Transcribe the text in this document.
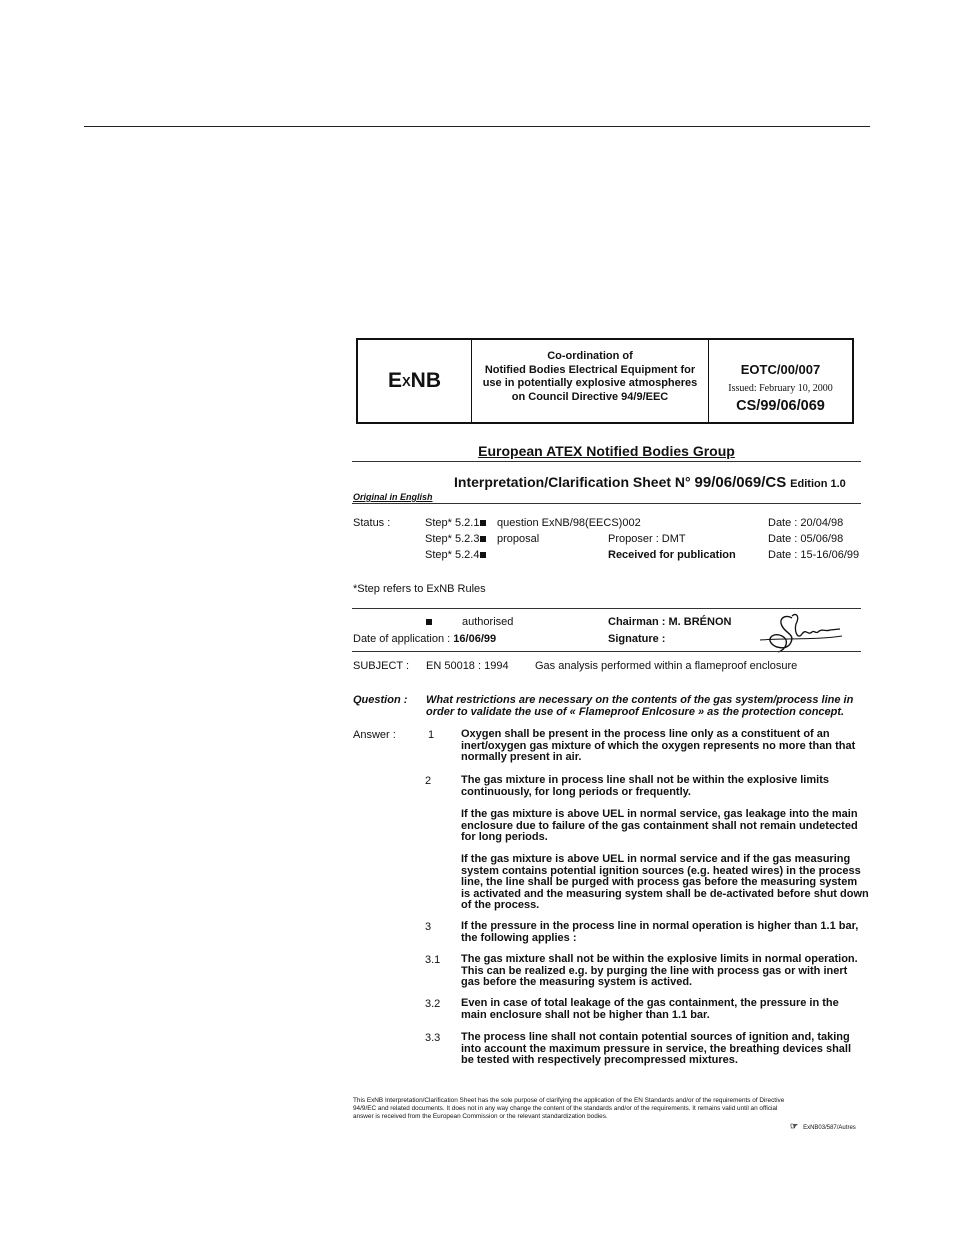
E X NB
Co-ordination of
Notified Bodies Electrical Equipment for
use in potentially explosive atmospheres
on Council Directive 94/9/EEC
EOTC/00/007
Issued: February 10, 2000
CS/99/06/069
European ATEX Notified Bodies Group
Interpretation/Clarification Sheet N° 99/06/069/CS Edition 1.0
Original in English
Status :	Step* 5.2.1	question ExNB/98(EECS)002	Date : 20/04/98
Step* 5.2.3	proposal	Proposer : DMT	Date : 05/06/98
Step* 5.2.4	Received for publication	Date : 15-16/06/99
*Step refers to ExNB Rules
authorised	Chairman : M. BRÉNON
Date of application : 16/06/99	Signature :
SUBJECT : EN 50018 : 1994 Gas analysis performed within a flameproof enclosure
Question : What restrictions are necessary on the contents of the gas system/process line in
order to validate the use of « Flameproof Enlcosure » as the protection concept.
Answer :	1 Oxygen shall be present in the process line only as a constituent of an
inert/oxygen gas mixture of which the oxygen represents no more than that
normally present in air.
2	The gas mixture in process line shall not be within the explosive limits
continuously, for long periods or frequently.
If the gas mixture is above UEL in normal service, gas leakage into the main
enclosure due to failure of the gas containment shall not remain undetected
for long periods.
If the gas mixture is above UEL in normal service and if the gas measuring
system contains potential ignition sources (e.g. heated wires) in the process
line, the line shall be purged with process gas before the measuring system
is activated and the measuring system shall be de-activated before shut down
of the process.
3	If the pressure in the process line in normal operation is higher than 1.1 bar,
the following applies :
3.1 The gas mixture shall not be within the explosive limits in normal operation.
This can be realized e.g. by purging the line with process gas or with inert
gas before the measuring system is actived.
3.2 Even in case of total leakage of the gas containment, the pressure in the
main enclosure shall not be higher than 1.1 bar.
3.3 The process line shall not contain potential sources of ignition and, taking
into account the maximum pressure in service, the breathing devices shall
be tested with respectively precompressed mixtures.
This ExNB Interpretation/Clarification Sheet has the sole purpose of clarifying the application of the EN Standards and/or of the requirements of Directive
94/9/EC and related documents. It does not in any way change the content of the standards and/or of the requirements. It remains valid until an official
answer is received from the European Commission or the relevant standardization bodies.
☞ ExNB03/587/Autres
